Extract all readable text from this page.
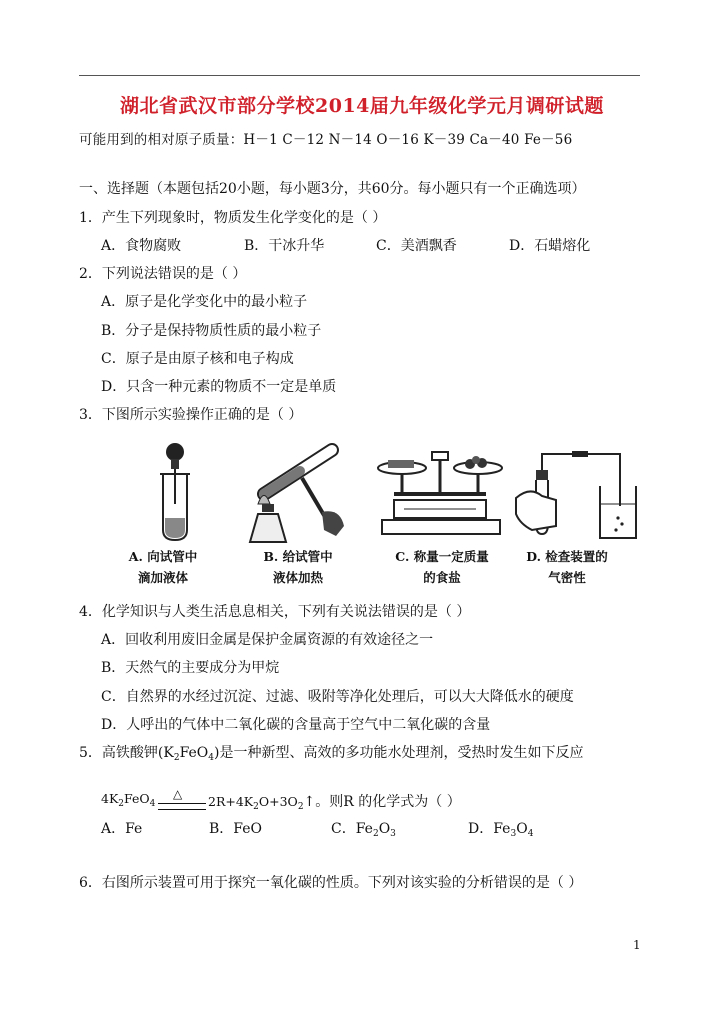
湖北省武汉市部分学校2014届九年级化学元月调研试题
可能用到的相对原子质量：H－1 C－12 N－14 O－16 K－39 Ca－40 Fe－56
一、选择题（本题包括20小题，每小题3分，共60分。每小题只有一个正确选项）
1．产生下列现象时，物质发生化学变化的是（ ）
A．食物腐败	B．干冰升华	C．美酒飘香	D．石蜡熔化
2．下列说法错误的是（ ）
A．原子是化学变化中的最小粒子
B．分子是保持物质性质的最小粒子
C．原子是由原子核和电子构成
D．只含一种元素的物质不一定是单质
3．下图所示实验操作正确的是（ ）
A. 向试管中
滴加液体
B. 给试管中
液体加热
C. 称量一定质量
的食盐
D. 检查装置的
气密性
4．化学知识与人类生活息息相关，下列有关说法错误的是（ ）
A．回收利用废旧金属是保护金属资源的有效途径之一
B．天然气的主要成分为甲烷
C．自然界的水经过沉淀、过滤、吸附等净化处理后，可以大大降低水的硬度
D．人呼出的气体中二氧化碳的含量高于空气中二氧化碳的含量
5．高铁酸钾$(K_2FeO_4)$是一种新型、高效的多功能水处理剂，受热时发生如下反应
$4K_2FeO_4$
△ $2R+4K_2O+3O_2↑$。则R 的化学式为（ ）
A．Fe	B．FeO	C．$Fe_2O_3$	D．$Fe_3O_4$
6．右图所示装置可用于探究一氧化碳的性质。下列对该实验的分析错误的是（ ）
1
